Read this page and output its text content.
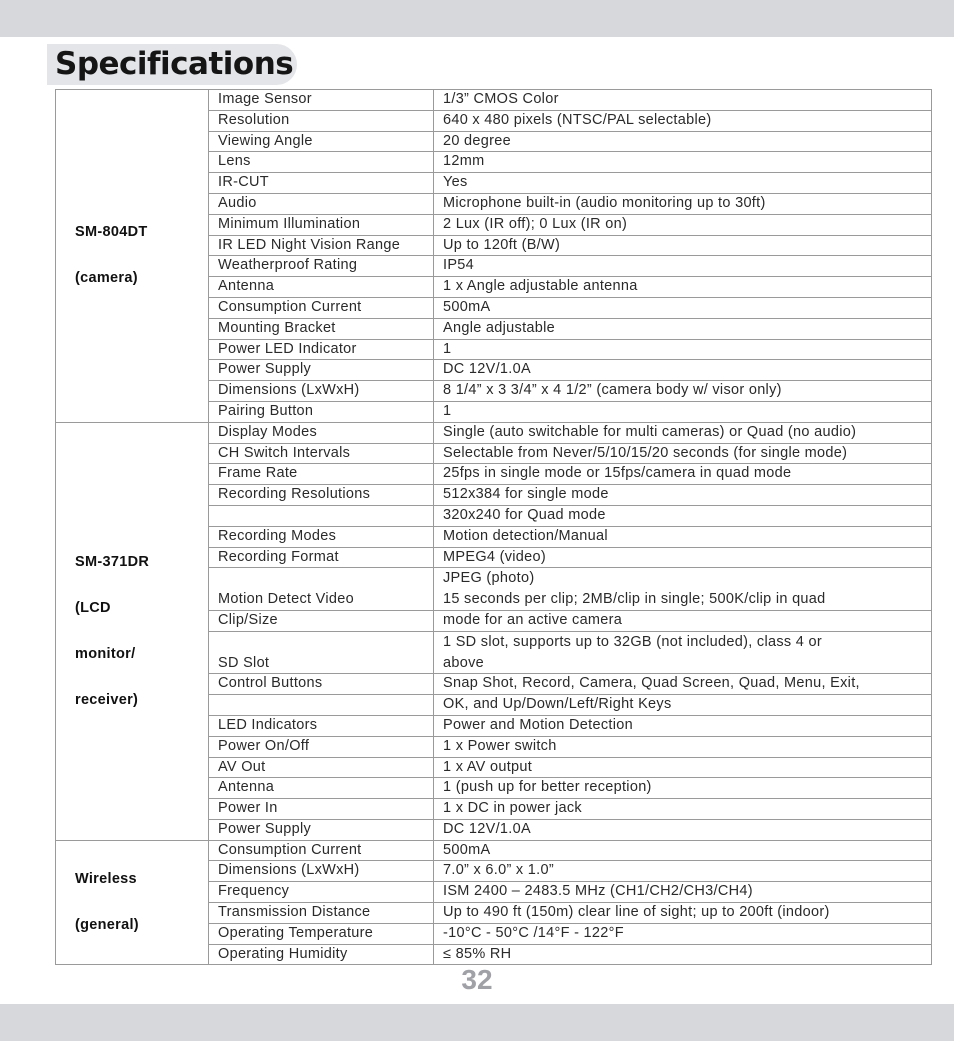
Specifications
SM-804DT
(camera)	Image Sensor	1/3” CMOS Color
	Resolution	640 x 480 pixels (NTSC/PAL selectable)
	Viewing Angle	20 degree
	Lens	12mm
	IR-CUT	Yes
	Audio	Microphone built-in (audio monitoring up to 30ft)
	Minimum Illumination	2 Lux (IR off); 0 Lux (IR on)
	IR LED Night Vision Range	Up to 120ft (B/W)
	Weatherproof Rating	IP54
	Antenna	1 x Angle adjustable antenna
	Consumption Current	500mA
	Mounting Bracket	Angle adjustable
	Power LED Indicator	1
	Power Supply	DC 12V/1.0A
	Dimensions (LxWxH)	8 1/4” x 3 3/4” x 4 1/2” (camera body w/ visor only)
	Pairing Button	1

SM-371DR
(LCD
monitor/
receiver)	Display Modes	Single (auto switchable for multi cameras) or Quad (no audio)
	CH Switch Intervals	Selectable from Never/5/10/15/20 seconds (for single mode)
	Frame Rate	25fps in single mode or 15fps/camera in quad mode
	Recording Resolutions	512x384 for single mode
		320x240 for Quad mode
	Recording Modes	Motion detection/Manual
	Recording Format	MPEG4 (video)
	Motion Detect Video	JPEG (photo)
15 seconds per clip; 2MB/clip in single; 500K/clip in quad
	Clip/Size	mode for an active camera
	SD Slot	1 SD slot, supports up to 32GB (not included), class 4 or
above
	Control Buttons	Snap Shot, Record, Camera, Quad Screen, Quad, Menu, Exit,
		OK, and Up/Down/Left/Right Keys
	LED Indicators	Power and Motion Detection
	Power On/Off	1 x Power switch
	AV Out	1 x AV output
	Antenna	1 (push up for better reception)
	Power In	1 x DC in power jack
	Power Supply	DC 12V/1.0A

Wireless
(general)	Consumption Current	500mA
	Dimensions (LxWxH)	7.0” x 6.0” x 1.0”
	Frequency	ISM 2400 – 2483.5 MHz (CH1/CH2/CH3/CH4)
	Transmission Distance	Up to 490 ft (150m) clear line of sight; up to 200ft (indoor)
	Operating Temperature	-10°C - 50°C /14°F - 122°F
	Operating Humidity	≤ 85% RH
32
